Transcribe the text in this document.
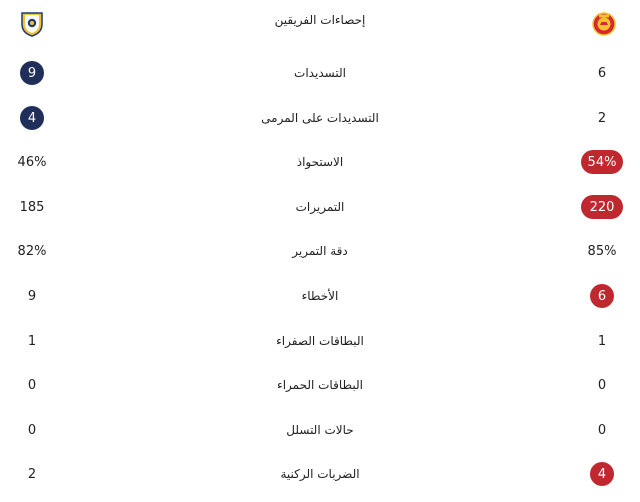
إحصاءات الفريقين
9	التسديدات	6
4	التسديدات على المرمى	2
46%	الاستحواذ	54%
185	التمريرات	220
82%	دقة التمرير	85%
9	الأخطاء	6
1	البطاقات الصفراء	1
0	البطاقات الحمراء	0
0	حالات التسلل	0
2	الضربات الركنية	4
